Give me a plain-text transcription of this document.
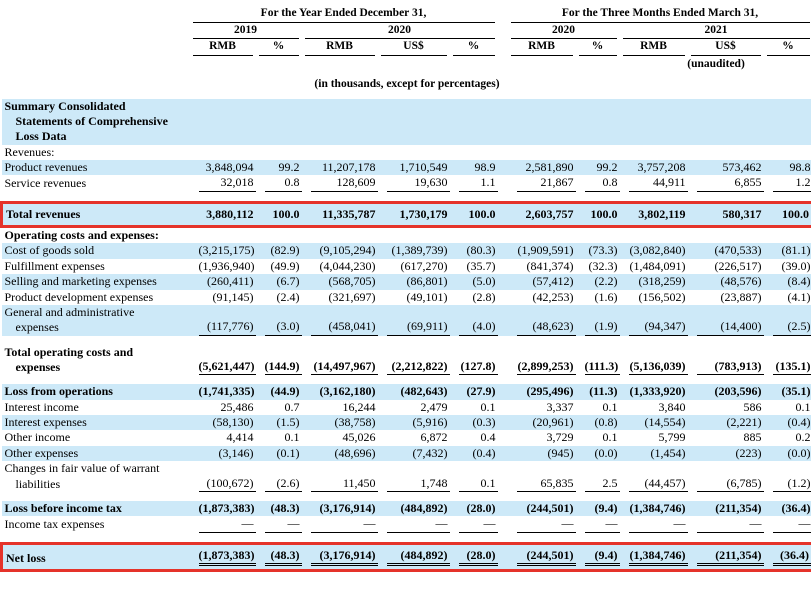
	For the Year Ended December 31,						For the Three Months Ended March 31,				

	2019		2020				2020		2021		

	RMB	%	RMB	US$	%		RMB	%	RMB	US$	%

									(unaudited)		
(in thousands, except for percentages)											

Summary Consolidated
Statements of Comprehensive
Loss Data											

Revenues:											

Product revenues	3,848,094	99.2	11,207,178	1,710,549	98.9		2,581,890	99.2	3,757,208	573,462	98.8

Service revenues	32,018	0.8	128,609	19,630	1.1		21,867	0.8	44,911	6,855	1.2

Total revenues	3,880,112	100.0	11,335,787	1,730,179	100.0		2,603,757	100.0	3,802,119	580,317	100.0

Operating costs and expenses:											

Cost of goods sold	(3,215,175)	(82.9)	(9,105,294)	(1,389,739)	(80.3)		(1,909,591)	(73.3)	(3,082,840)	(470,533)	(81.1)

Fulfillment expenses	(1,936,940)	(49.9)	(4,044,230)	(617,270)	(35.7)		(841,374)	(32.3)	(1,484,091)	(226,517)	(39.0)

Selling and marketing expenses	(260,411)	(6.7)	(568,705)	(86,801)	(5.0)		(57,412)	(2.2)	(318,259)	(48,576)	(8.4)

Product development expenses	(91,145)	(2.4)	(321,697)	(49,101)	(2.8)		(42,253)	(1.6)	(156,502)	(23,887)	(4.1)

General and administrative
expenses	(117,776)	(3.0)	(458,041)	(69,911)	(4.0)		(48,623)	(1.9)	(94,347)	(14,400)	(2.5)

Total operating costs and
expenses	(5,621,447)	(144.9)	(14,497,967)	(2,212,822)	(127.8)		(2,899,253)	(111.3)	(5,136,039)	(783,913)	(135.1)

Loss from operations	(1,741,335)	(44.9)	(3,162,180)	(482,643)	(27.9)		(295,496)	(11.3)	(1,333,920)	(203,596)	(35.1)

Interest income	25,486	0.7	16,244	2,479	0.1		3,337	0.1	3,840	586	0.1

Interest expenses	(58,130)	(1.5)	(38,758)	(5,916)	(0.3)		(20,961)	(0.8)	(14,554)	(2,221)	(0.4)

Other income	4,414	0.1	45,026	6,872	0.4		3,729	0.1	5,799	885	0.2

Other expenses	(3,146)	(0.1)	(48,696)	(7,432)	(0.4)		(945)	(0.0)	(1,454)	(223)	(0.0)

Changes in fair value of warrant
liabilities	(100,672)	(2.6)	11,450	1,748	0.1		65,835	2.5	(44,457)	(6,785)	(1.2)

Loss before income tax	(1,873,383)	(48.3)	(3,176,914)	(484,892)	(28.0)		(244,501)	(9.4)	(1,384,746)	(211,354)	(36.4)

Income tax expenses	—	—	—	—	—		—	—	—	—	—

Net loss	(1,873,383)	(48.3)	(3,176,914)	(484,892)	(28.0)		(244,501)	(9.4)	(1,384,746)	(211,354)	(36.4)
